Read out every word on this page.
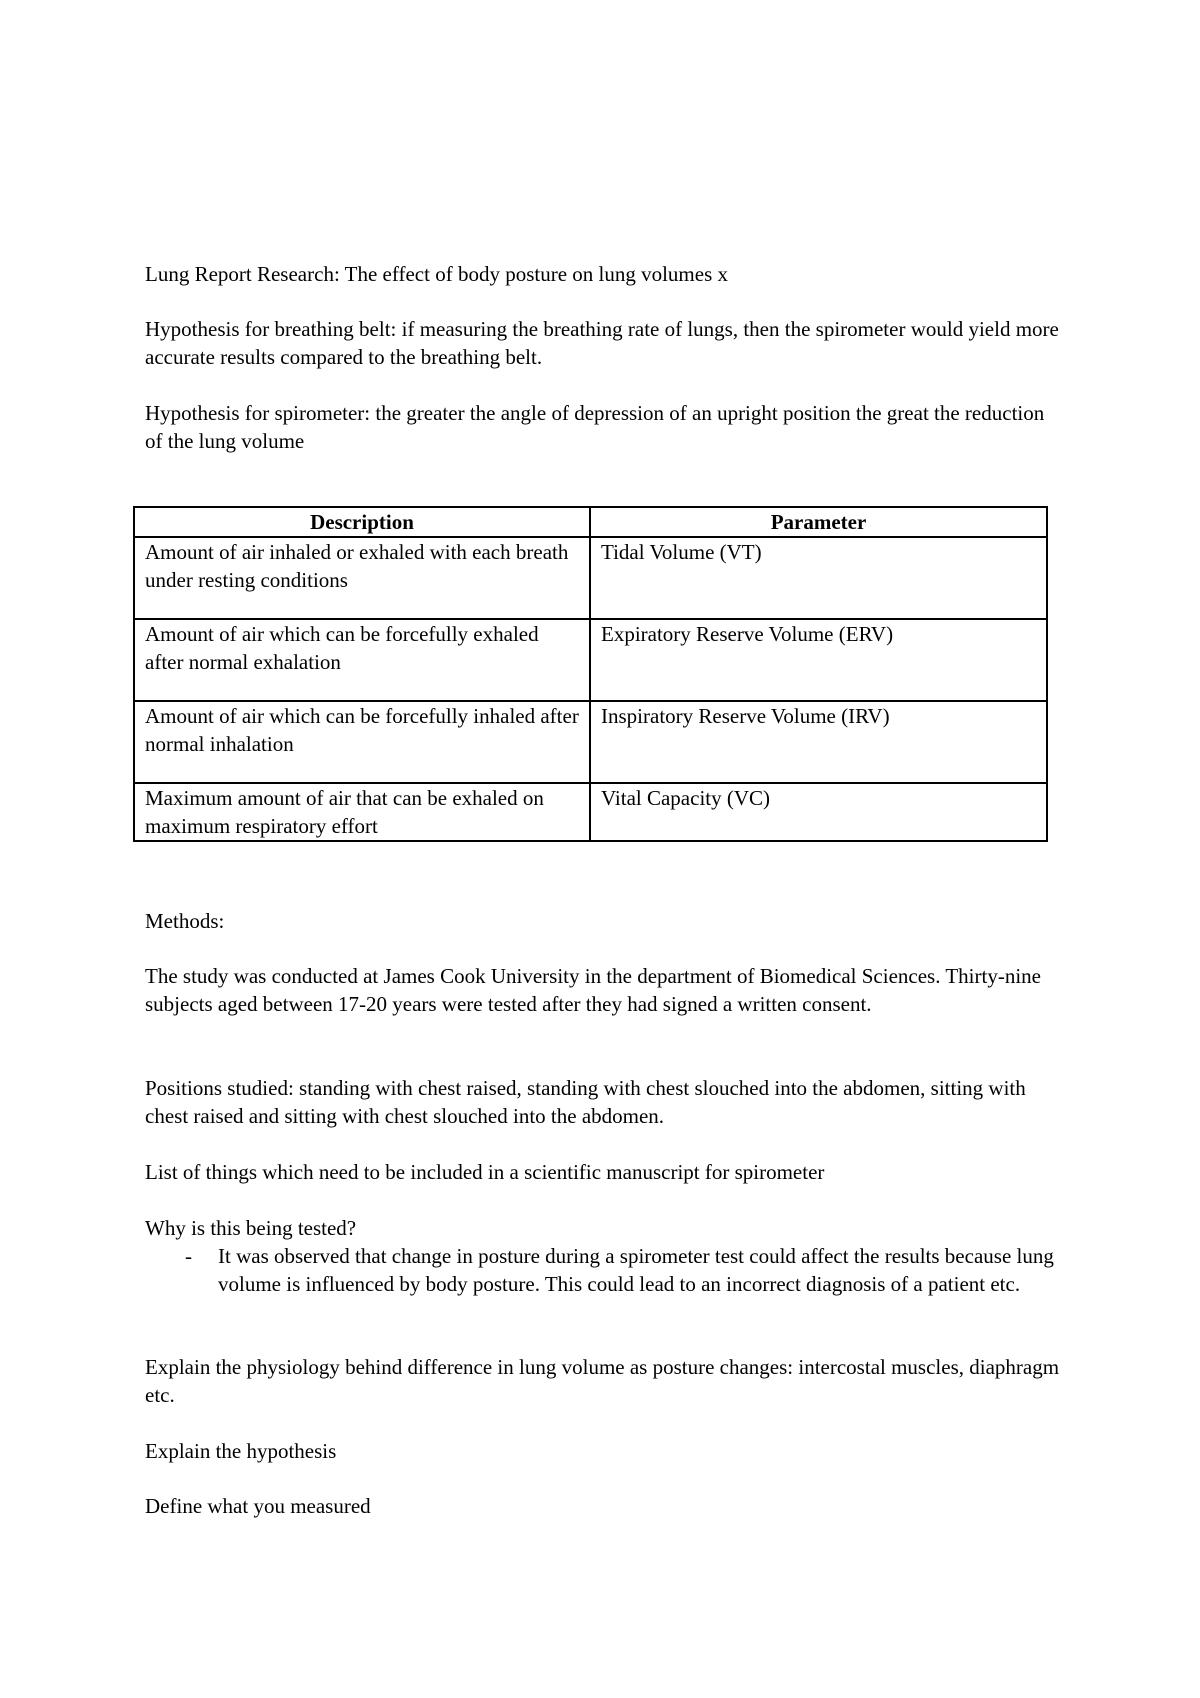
Lung Report Research: The effect of body posture on lung volumes x

Hypothesis for breathing belt: if measuring the breathing rate of lungs, then the spirometer would yield more accurate results compared to the breathing belt.

Hypothesis for spirometer: the greater the angle of depression of an upright position the great the reduction of the lung volume

Description	Parameter
Amount of air inhaled or exhaled with each breath under resting conditions	Tidal Volume (VT)
Amount of air which can be forcefully exhaled after normal exhalation	Expiratory Reserve Volume (ERV)
Amount of air which can be forcefully inhaled after normal inhalation	Inspiratory Reserve Volume (IRV)
Maximum amount of air that can be exhaled on maximum respiratory effort	Vital Capacity (VC)

Methods:

The study was conducted at James Cook University in the department of Biomedical Sciences. Thirty-nine subjects aged between 17-20 years were tested after they had signed a written consent.

Positions studied: standing with chest raised, standing with chest slouched into the abdomen, sitting with chest raised and sitting with chest slouched into the abdomen.

List of things which need to be included in a scientific manuscript for spirometer

Why is this being tested?

- It was observed that change in posture during a spirometer test could affect the results because lung volume is influenced by body posture. This could lead to an incorrect diagnosis of a patient etc.

Explain the physiology behind difference in lung volume as posture changes: intercostal muscles, diaphragm etc.

Explain the hypothesis

Define what you measured
